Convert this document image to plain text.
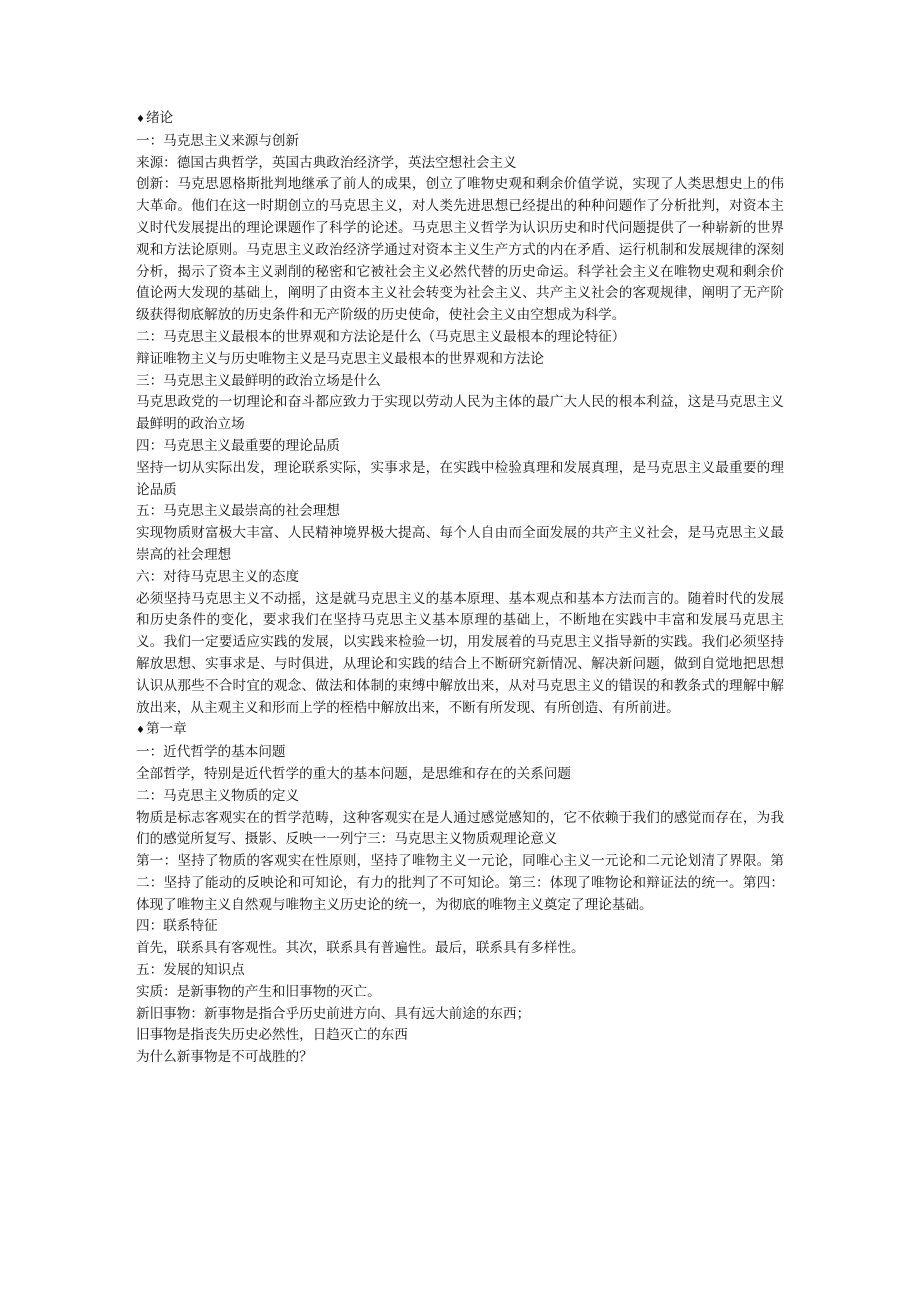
♦绪论

一：马克思主义来源与创新

来源：德国古典哲学，英国古典政治经济学，英法空想社会主义

创新：马克思恩格斯批判地继承了前人的成果，创立了唯物史观和剩余价值学说，实现了人类思想史上的伟大革命。他们在这一时期创立的马克思主义，对人类先进思想已经提出的种种问题作了分析批判，对资本主义时代发展提出的理论课题作了科学的论述。马克思主义哲学为认识历史和时代问题提供了一种崭新的世界观和方法论原则。马克思主义政治经济学通过对资本主义生产方式的内在矛盾、运行机制和发展规律的深刻分析，揭示了资本主义剥削的秘密和它被社会主义必然代替的历史命运。科学社会主义在唯物史观和剩余价值论两大发现的基础上，阐明了由资本主义社会转变为社会主义、共产主义社会的客观规律，阐明了无产阶级获得彻底解放的历史条件和无产阶级的历史使命，使社会主义由空想成为科学。

二：马克思主义最根本的世界观和方法论是什么（马克思主义最根本的理论特征）

辩证唯物主义与历史唯物主义是马克思主义最根本的世界观和方法论

三：马克思主义最鲜明的政治立场是什么

马克思政党的一切理论和奋斗都应致力于实现以劳动人民为主体的最广大人民的根本利益，这是马克思主义最鲜明的政治立场

四：马克思主义最重要的理论品质

坚持一切从实际出发，理论联系实际，实事求是，在实践中检验真理和发展真理，是马克思主义最重要的理论品质

五：马克思主义最崇高的社会理想

实现物质财富极大丰富、人民精神境界极大提高、每个人自由而全面发展的共产主义社会，是马克思主义最崇高的社会理想

六：对待马克思主义的态度

必须坚持马克思主义不动摇，这是就马克思主义的基本原理、基本观点和基本方法而言的。随着时代的发展和历史条件的变化，要求我们在坚持马克思主义基本原理的基础上，不断地在实践中丰富和发展马克思主义。我们一定要适应实践的发展，以实践来检验一切，用发展着的马克思主义指导新的实践。我们必须坚持解放思想、实事求是、与时俱进，从理论和实践的结合上不断研究新情况、解决新问题，做到自觉地把思想认识从那些不合时宜的观念、做法和体制的束缚中解放出来，从对马克思主义的错误的和教条式的理解中解放出来，从主观主义和形而上学的桎梏中解放出来，不断有所发现、有所创造、有所前进。

♦第一章

一：近代哲学的基本问题

全部哲学，特别是近代哲学的重大的基本问题，是思维和存在的关系问题

二：马克思主义物质的定义

物质是标志客观实在的哲学范畴，这种客观实在是人通过感觉感知的，它不依赖于我们的感觉而存在，为我们的感觉所复写、摄影、反映一一列宁三：马克思主义物质观理论意义

第一：坚持了物质的客观实在性原则，坚持了唯物主义一元论，同唯心主义一元论和二元论划清了界限。第二：坚持了能动的反映论和可知论，有力的批判了不可知论。第三：体现了唯物论和辩证法的统一。第四：体现了唯物主义自然观与唯物主义历史论的统一，为彻底的唯物主义奠定了理论基础。

四：联系特征

首先，联系具有客观性。其次，联系具有普遍性。最后，联系具有多样性。

五：发展的知识点

实质：是新事物的产生和旧事物的灭亡。

新旧事物：新事物是指合乎历史前进方向、具有远大前途的东西；

旧事物是指丧失历史必然性，日趋灭亡的东西

为什么新事物是不可战胜的？
